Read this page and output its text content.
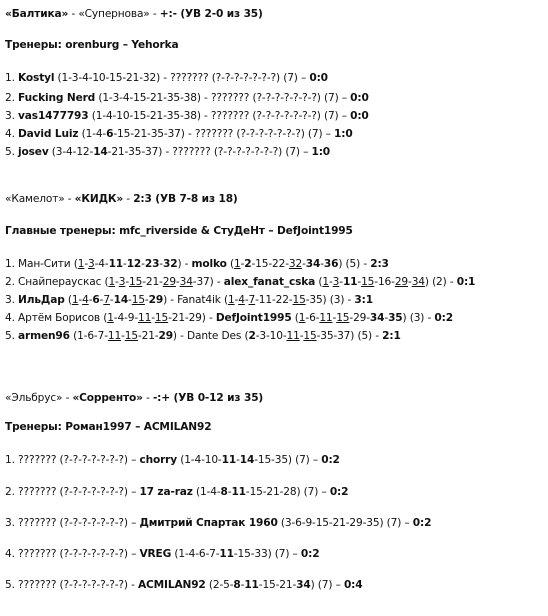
«Балтика» - «Супернова» - +:- (УВ 2-0 из 35)
Тренеры: orenburg – Yehorka
1. Kostyl (1-3-4-10-15-21-32) - ??????? (?-?-?-?-?-?-?) (7) – 0:0
2. Fucking Nerd (1-3-4-15-21-35-38) - ??????? (?-?-?-?-?-?-?) (7) – 0:0
3. vas1477793 (1-4-10-15-21-35-38) - ??????? (?-?-?-?-?-?-?) (7) – 0:0
4. David Luiz (1-4-6-15-21-35-37) - ??????? (?-?-?-?-?-?-?) (7) – 1:0
5. josev (3-4-12-14-21-35-37) - ??????? (?-?-?-?-?-?-?) (7) – 1:0
«Камелот» - «КИДК» - 2:3 (УВ 7-8 из 18)
Главные тренеры: mfc_riverside & СтуДеНт – DefJoint1995
1. Ман-Сити (1-3-4-11-12-23-32) - molko (1-2-15-22-32-34-36) (5) - 2:3
2. Снайпераускас (1-3-15-21-29-34-37) - alex_fanat_cska (1-3-11-15-16-29-34) (2) - 0:1
3. ИльДар (1-4-6-7-14-15-29) - Fanat4ik (1-4-7-11-22-15-35) (3) - 3:1
4. Артём Борисов (1-4-9-11-15-21-29) - DefJoint1995 (1-6-11-15-29-34-35) (3) - 0:2
5. armen96 (1-6-7-11-15-21-29) - Dante Des (2-3-10-11-15-35-37) (5) - 2:1
«Эльбрус» - «Сорренто» - -:+ (УВ 0-12 из 35)
Тренеры: Роман1997 – ACMILAN92
1. ??????? (?-?-?-?-?-?-?) – chorry (1-4-10-11-14-15-35) (7) – 0:2
2. ??????? (?-?-?-?-?-?-?) – 17 za-raz (1-4-8-11-15-21-28) (7) – 0:2
3. ??????? (?-?-?-?-?-?-?) – Дмитрий Спартак 1960 (3-6-9-15-21-29-35) (7) – 0:2
4. ??????? (?-?-?-?-?-?-?) – VREG (1-4-6-7-11-15-33) (7) – 0:2
5. ??????? (?-?-?-?-?-?-?) - ACMILAN92 (2-5-8-11-15-21-34) (7) – 0:4
